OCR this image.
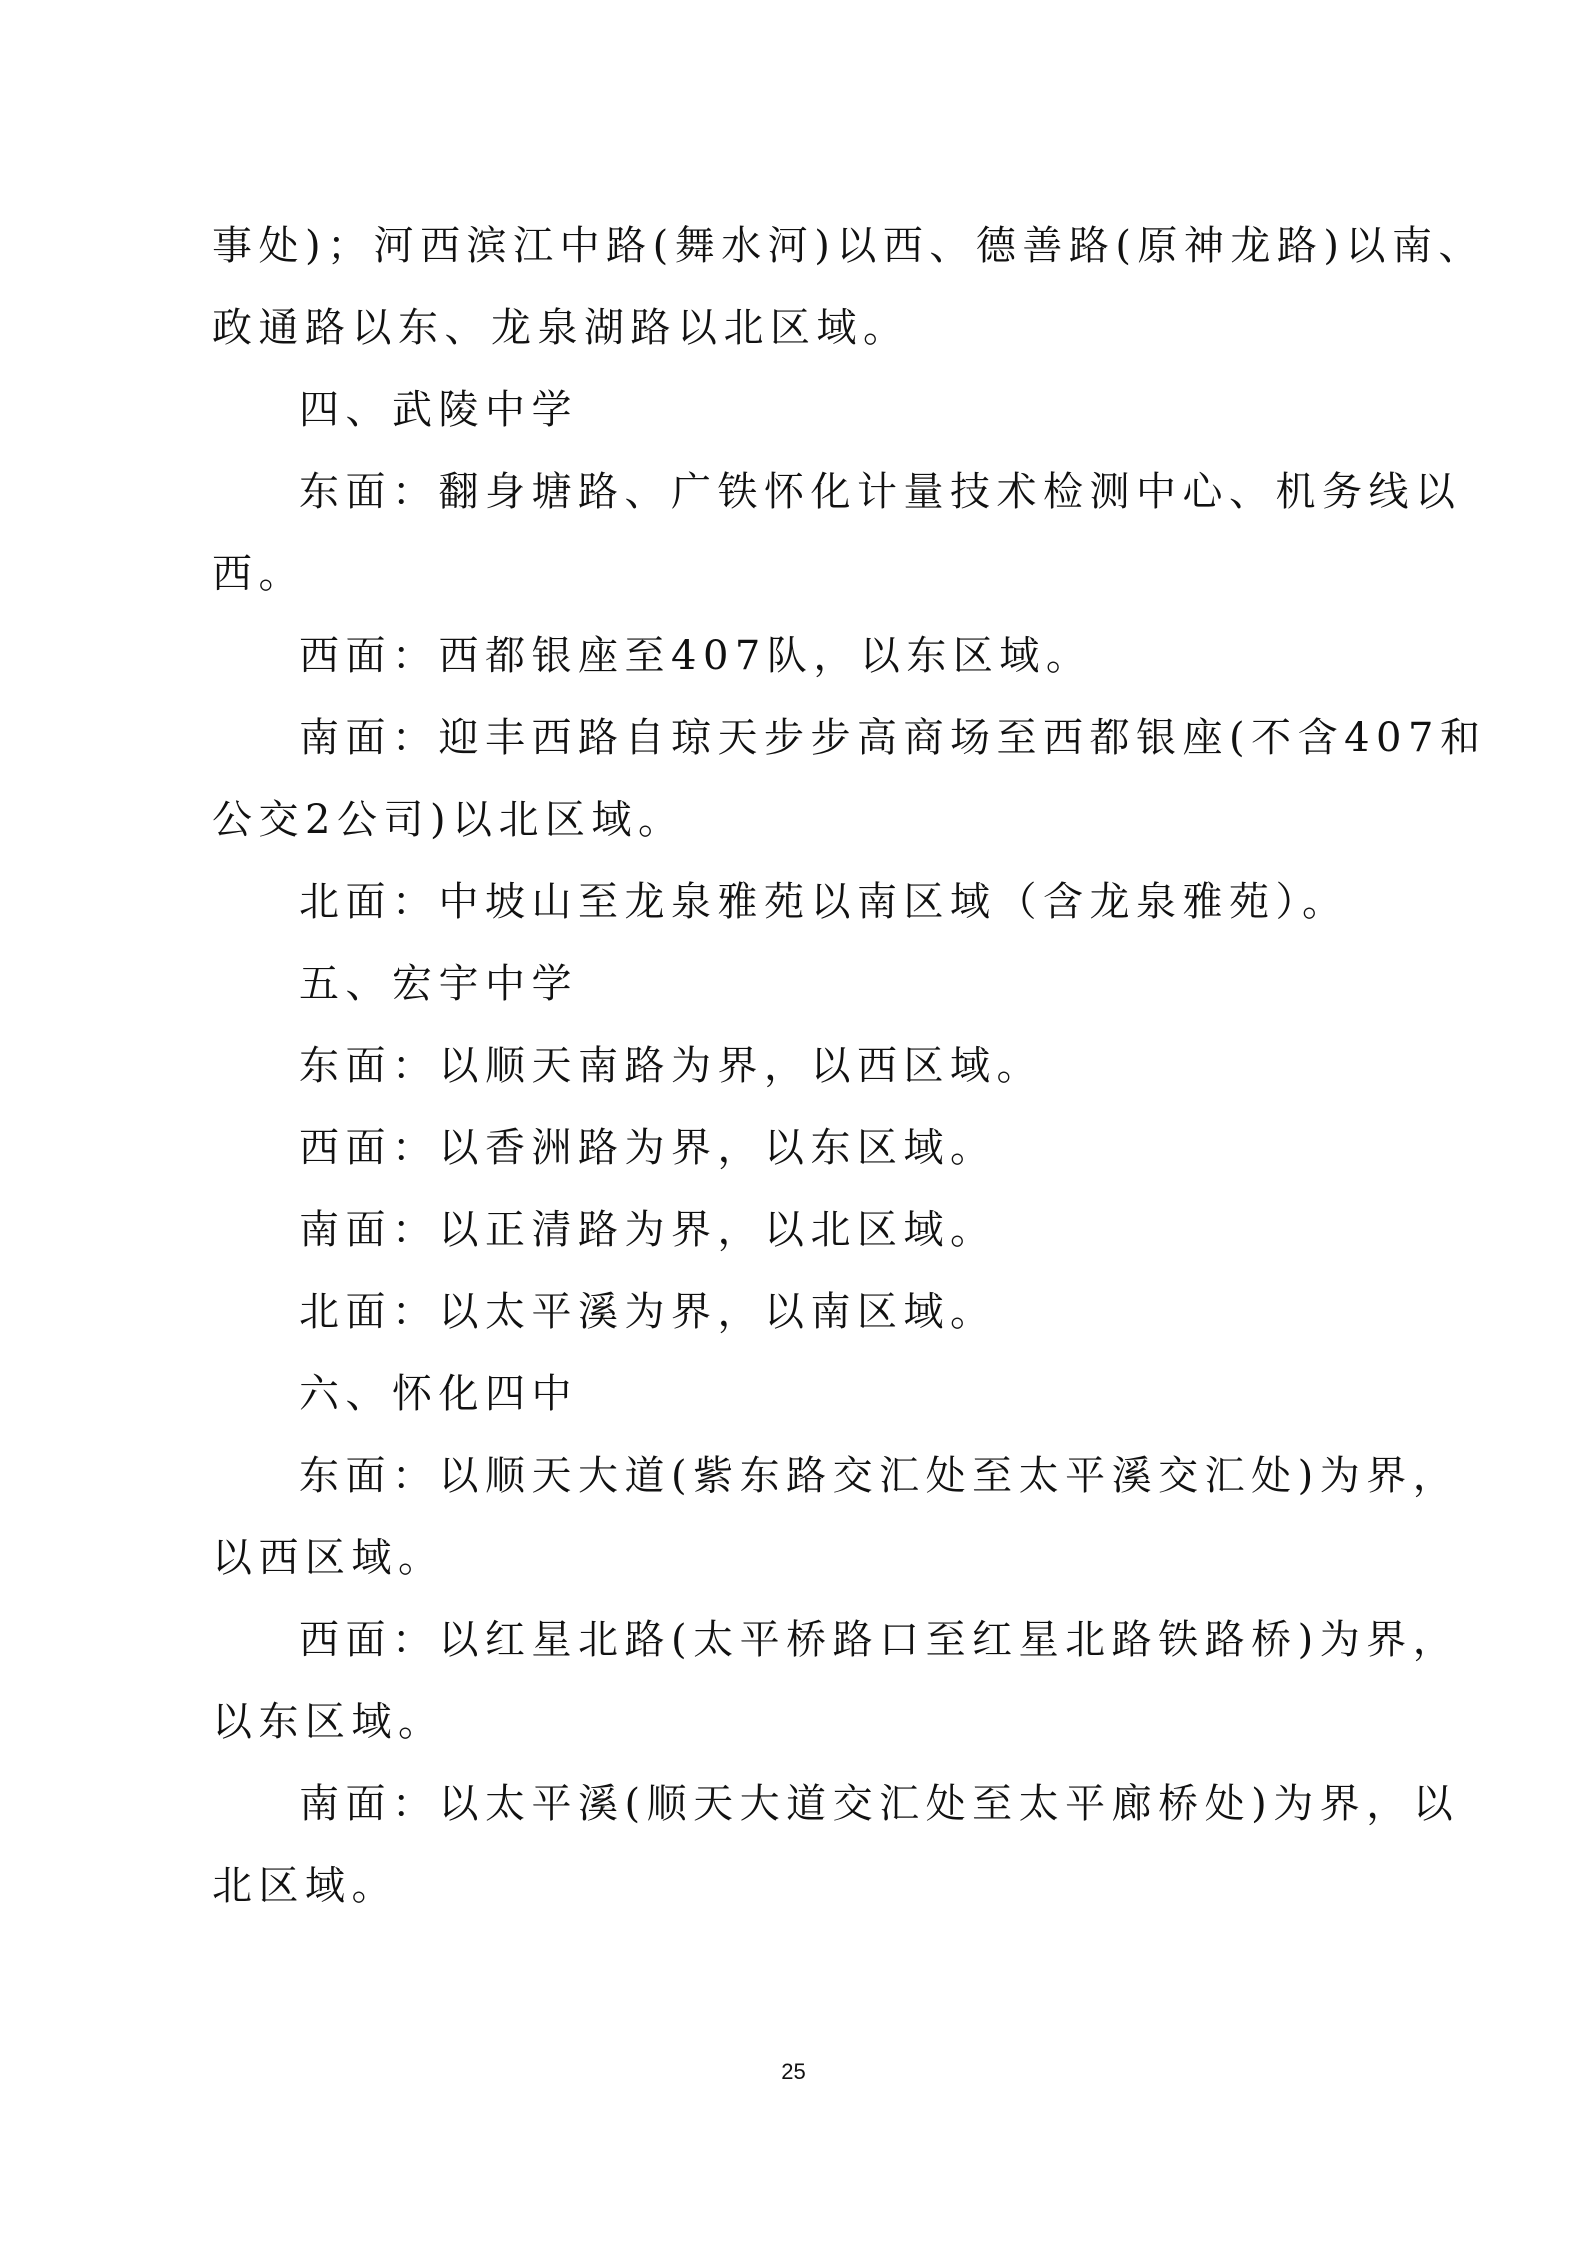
事处)；河西滨江中路(舞水河)以西、德善路(原神龙路)以南、
政通路以东、龙泉湖路以北区域。
四、武陵中学
东面：翻身塘路、广铁怀化计量技术检测中心、机务线以
西。
西面：西都银座至407队，以东区域。
南面：迎丰西路自琼天步步高商场至西都银座(不含407和
公交2公司)以北区域。
北面：中坡山至龙泉雅苑以南区域（含龙泉雅苑）。
五、宏宇中学
东面：以顺天南路为界，以西区域。
西面：以香洲路为界，以东区域。
南面：以正清路为界，以北区域。
北面：以太平溪为界，以南区域。
六、怀化四中
东面：以顺天大道(紫东路交汇处至太平溪交汇处)为界，
以西区域。
西面：以红星北路(太平桥路口至红星北路铁路桥)为界，
以东区域。
南面：以太平溪(顺天大道交汇处至太平廊桥处)为界，以
北区域。
25
